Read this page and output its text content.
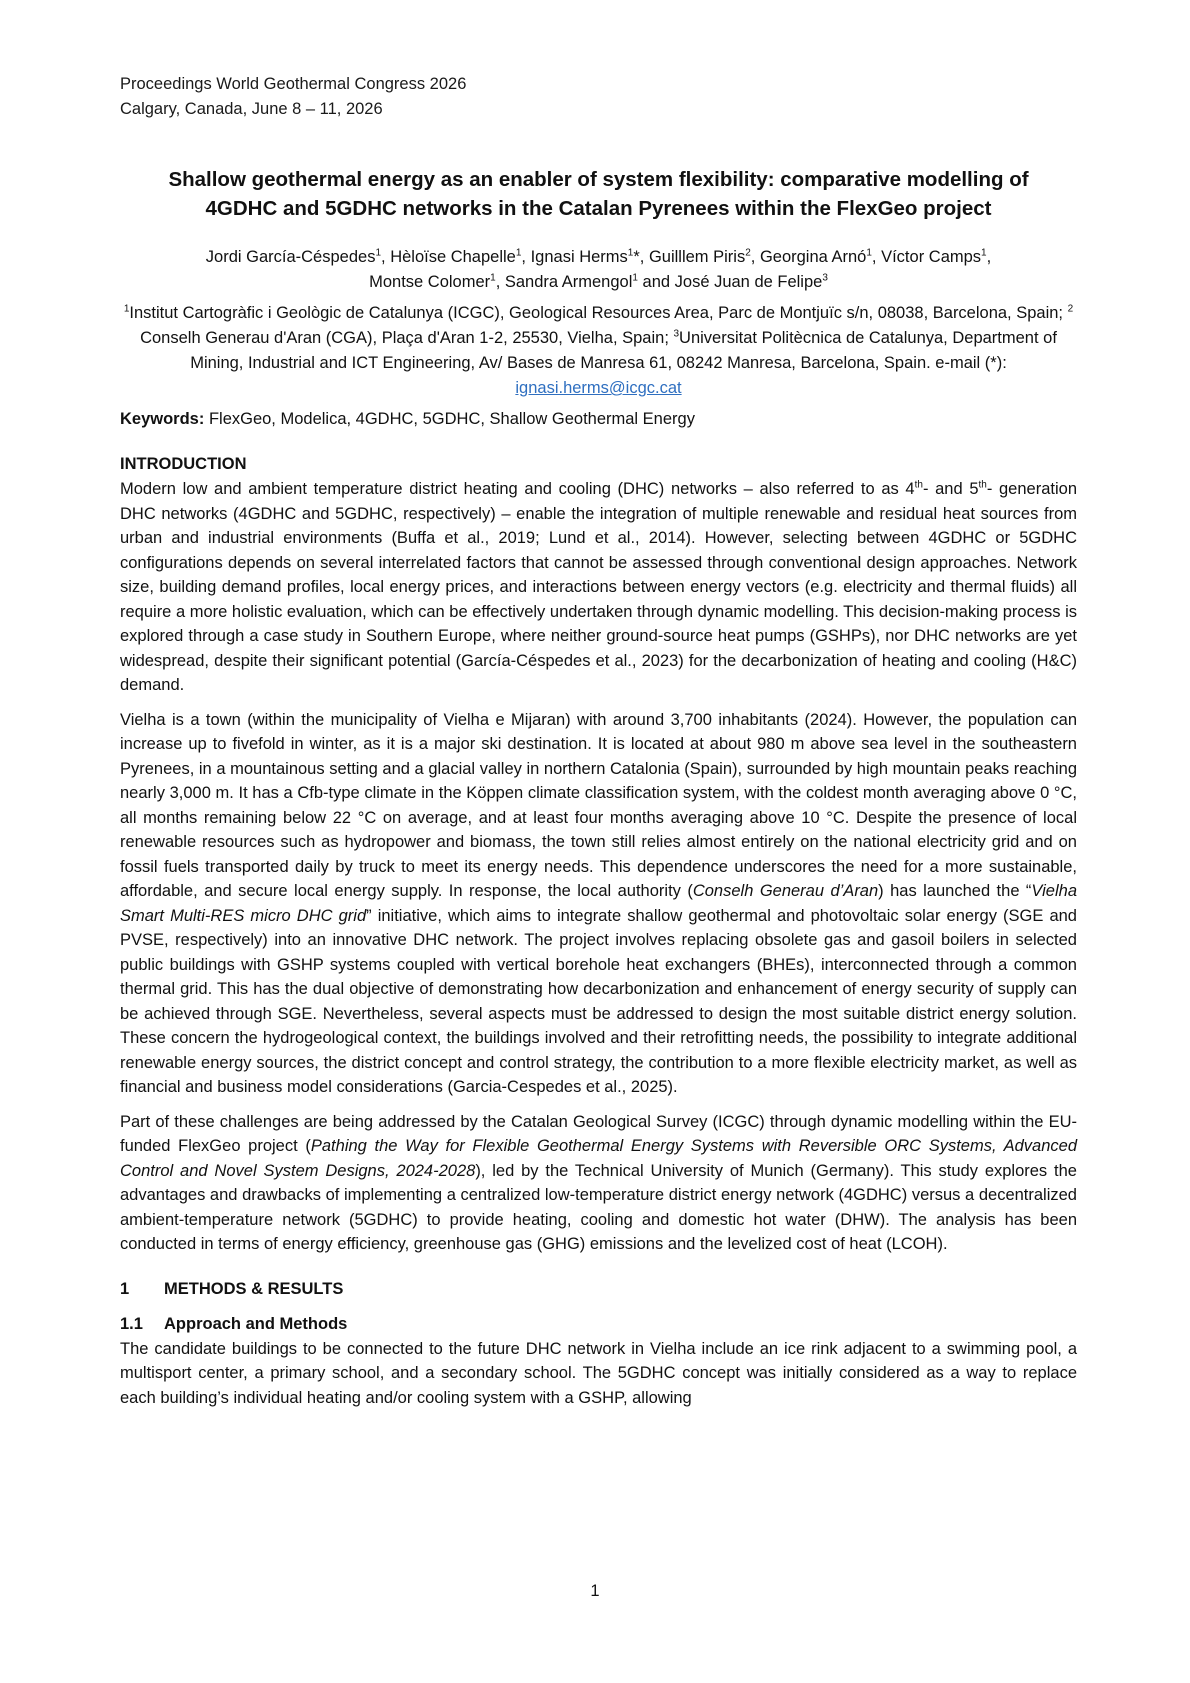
Proceedings World Geothermal Congress 2026
Calgary, Canada, June 8 – 11, 2026
Shallow geothermal energy as an enabler of system flexibility: comparative modelling of 4GDHC and 5GDHC networks in the Catalan Pyrenees within the FlexGeo project
Jordi García-Céspedes$^1$, Hèloïse Chapelle$^1$, Ignasi Herms$^1$*, Guilllem Piris$^2$, Georgina Arnó$^1$, Víctor Camps$^1$,
Montse Colomer$^1$, Sandra Armengol$^1$ and José Juan de Felipe$^3$
$^1$Institut Cartogràfic i Geològic de Catalunya (ICGC), Geological Resources Area, Parc de Montjuïc s/n, 08038, Barcelona, Spain; $^2$ Conselh Generau d'Aran (CGA), Plaça d'Aran 1-2, 25530, Vielha, Spain; $^3$Universitat Politècnica de Catalunya, Department of Mining, Industrial and ICT Engineering, Av/ Bases de Manresa 61, 08242 Manresa, Barcelona, Spain. e-mail (*): ignasi.herms@icgc.cat
Keywords: FlexGeo, Modelica, 4GDHC, 5GDHC, Shallow Geothermal Energy
INTRODUCTION

Modern low and ambient temperature district heating and cooling (DHC) networks – also referred to as 4th- and 5th- generation DHC networks (4GDHC and 5GDHC, respectively) – enable the integration of multiple renewable and residual heat sources from urban and industrial environments (Buffa et al., 2019; Lund et al., 2014). However, selecting between 4GDHC or 5GDHC configurations depends on several interrelated factors that cannot be assessed through conventional design approaches. Network size, building demand profiles, local energy prices, and interactions between energy vectors (e.g. electricity and thermal fluids) all require a more holistic evaluation, which can be effectively undertaken through dynamic modelling. This decision-making process is explored through a case study in Southern Europe, where neither ground-source heat pumps (GSHPs), nor DHC networks are yet widespread, despite their significant potential (García-Céspedes et al., 2023) for the decarbonization of heating and cooling (H&C) demand.

Vielha is a town (within the municipality of Vielha e Mijaran) with around 3,700 inhabitants (2024). However, the population can increase up to fivefold in winter, as it is a major ski destination. It is located at about 980 m above sea level in the southeastern Pyrenees, in a mountainous setting and a glacial valley in northern Catalonia (Spain), surrounded by high mountain peaks reaching nearly 3,000 m. It has a Cfb-type climate in the Köppen climate classification system, with the coldest month averaging above 0 °C, all months remaining below 22 °C on average, and at least four months averaging above 10 °C. Despite the presence of local renewable resources such as hydropower and biomass, the town still relies almost entirely on the national electricity grid and on fossil fuels transported daily by truck to meet its energy needs. This dependence underscores the need for a more sustainable, affordable, and secure local energy supply. In response, the local authority (Conselh Generau d’Aran) has launched the “Vielha Smart Multi-RES micro DHC grid” initiative, which aims to integrate shallow geothermal and photovoltaic solar energy (SGE and PVSE, respectively) into an innovative DHC network. The project involves replacing obsolete gas and gasoil boilers in selected public buildings with GSHP systems coupled with vertical borehole heat exchangers (BHEs), interconnected through a common thermal grid. This has the dual objective of demonstrating how decarbonization and enhancement of energy security of supply can be achieved through SGE. Nevertheless, several aspects must be addressed to design the most suitable district energy solution. These concern the hydrogeological context, the buildings involved and their retrofitting needs, the possibility to integrate additional renewable energy sources, the district concept and control strategy, the contribution to a more flexible electricity market, as well as financial and business model considerations (Garcia-Cespedes et al., 2025).

Part of these challenges are being addressed by the Catalan Geological Survey (ICGC) through dynamic modelling within the EU-funded FlexGeo project (Pathing the Way for Flexible Geothermal Energy Systems with Reversible ORC Systems, Advanced Control and Novel System Designs, 2024-2028), led by the Technical University of Munich (Germany). This study explores the advantages and drawbacks of implementing a centralized low-temperature district energy network (4GDHC) versus a decentralized ambient-temperature network (5GDHC) to provide heating, cooling and domestic hot water (DHW). The analysis has been conducted in terms of energy efficiency, greenhouse gas (GHG) emissions and the levelized cost of heat (LCOH).

1 METHODS & RESULTS
1.1 Approach and Methods

The candidate buildings to be connected to the future DHC network in Vielha include an ice rink adjacent to a swimming pool, a multisport center, a primary school, and a secondary school. The 5GDHC concept was initially considered as a way to replace each building’s individual heating and/or cooling system with a GSHP, allowing

1
